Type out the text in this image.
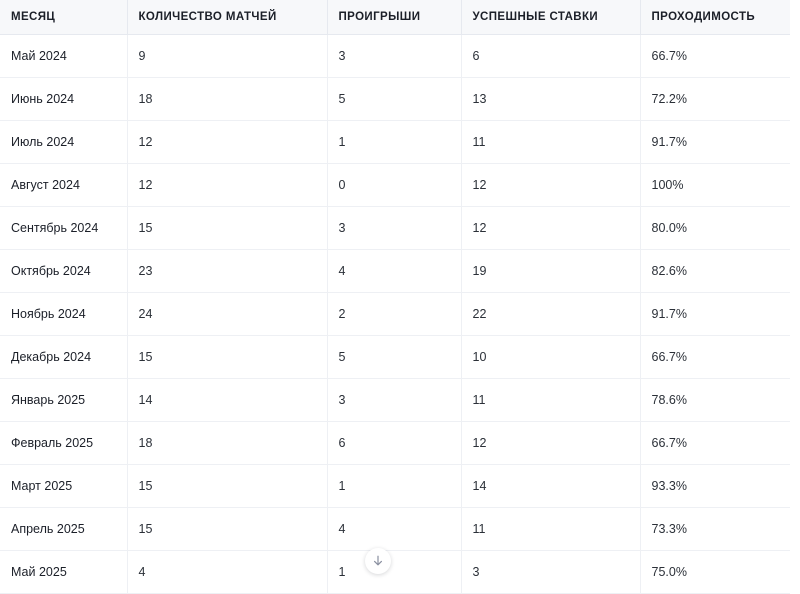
МЕСЯЦ	КОЛИЧЕСТВО МАТЧЕЙ	ПРОИГРЫШИ	УСПЕШНЫЕ СТАВКИ	ПРОХОДИМОСТЬ
Май 2024	9	3	6	66.7%
Июнь 2024	18	5	13	72.2%
Июль 2024	12	1	11	91.7%
Август 2024	12	0	12	100%
Сентябрь 2024	15	3	12	80.0%
Октябрь 2024	23	4	19	82.6%
Ноябрь 2024	24	2	22	91.7%
Декабрь 2024	15	5	10	66.7%
Январь 2025	14	3	11	78.6%
Февраль 2025	18	6	12	66.7%
Март 2025	15	1	14	93.3%
Апрель 2025	15	4	11	73.3%
Май 2025	4	1	3	75.0%
